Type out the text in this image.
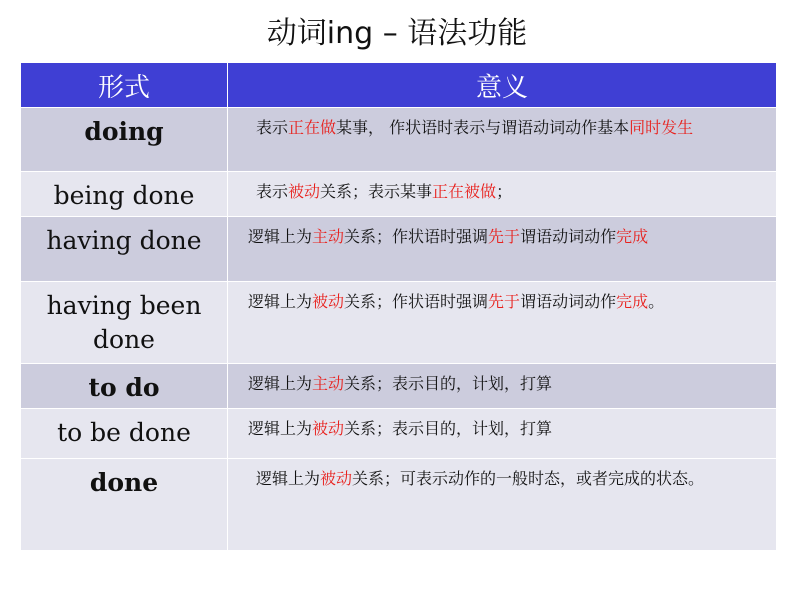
动词ing – 语法功能
形式	意义
doing	表示正在做某事， 作状语时表示与谓语动词动作基本同时发生
being done	表示被动关系；表示某事正在被做；
having done	逻辑上为主动关系；作状语时强调先于谓语动词动作完成
having been done	逻辑上为被动关系；作状语时强调先于谓语动词动作完成。
to do	逻辑上为主动关系；表示目的，计划，打算
to be done	逻辑上为被动关系；表示目的，计划，打算
done	逻辑上为被动关系；可表示动作的一般时态，或者完成的状态。
